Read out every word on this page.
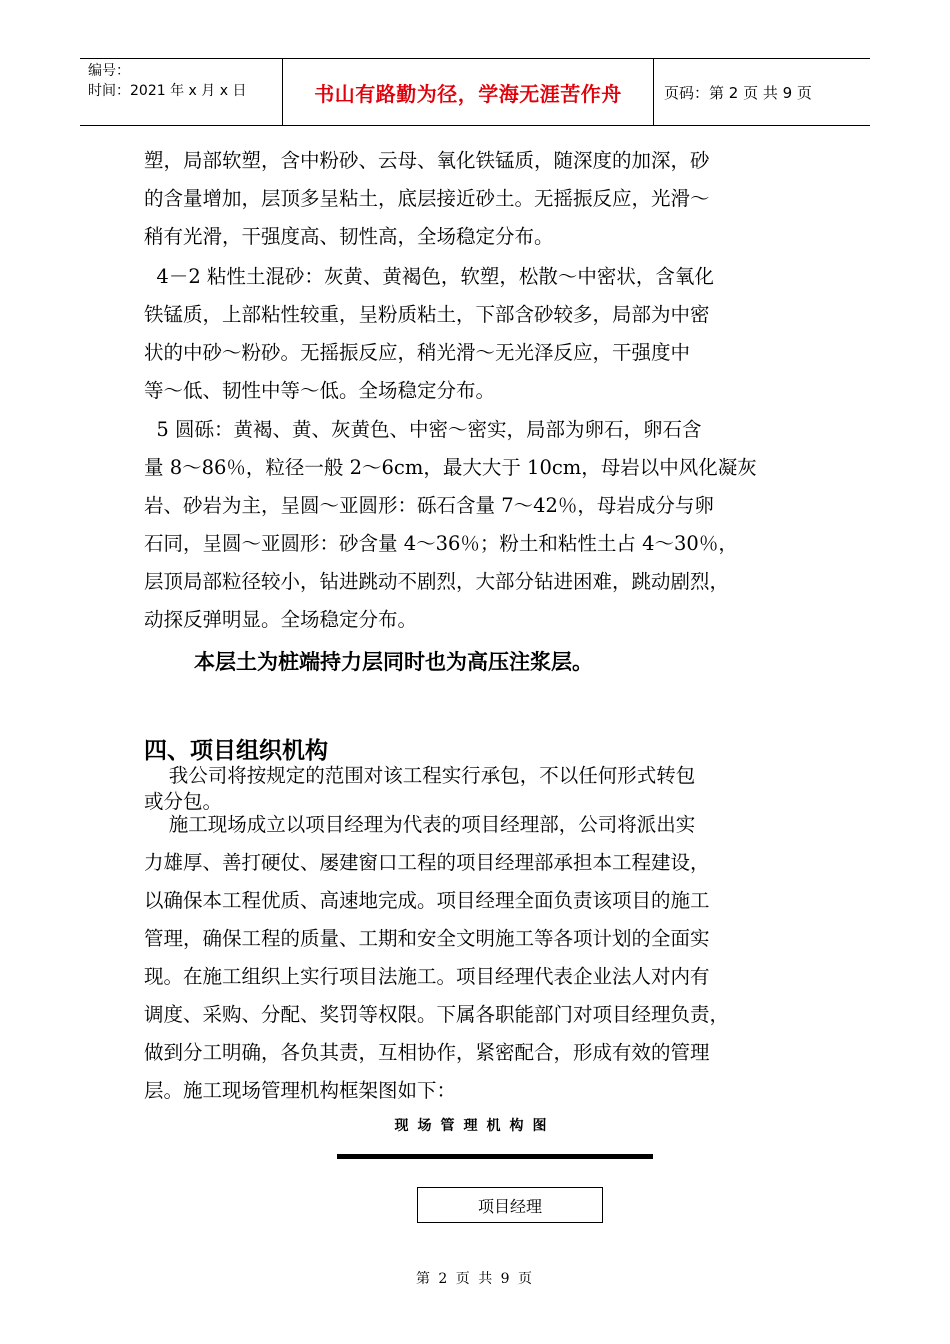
编号：
时间：2021 年 x 月 x 日	书山有路勤为径，学海无涯苦作舟	页码：第 2 页 共 9 页
塑，局部软塑，含中粉砂、云母、氧化铁锰质，随深度的加深，砂
的含量增加，层顶多呈粘土，底层接近砂土。无摇振反应，光滑～
稍有光滑，干强度高、韧性高，全场稳定分布。
4－2 粘性土混砂：灰黄、黄褐色，软塑，松散～中密状，含氧化
铁锰质，上部粘性较重，呈粉质粘土，下部含砂较多，局部为中密
状的中砂～粉砂。无摇振反应，稍光滑～无光泽反应，干强度中
等～低、韧性中等～低。全场稳定分布。
5 圆砾：黄褐、黄、灰黄色、中密～密实，局部为卵石，卵石含
量 8～86％，粒径一般 2～6cm，最大大于 10cm，母岩以中风化凝灰
岩、砂岩为主，呈圆～亚圆形：砾石含量 7～42％，母岩成分与卵
石同，呈圆～亚圆形：砂含量 4～36％；粉土和粘性土占 4～30％，
层顶局部粒径较小，钻进跳动不剧烈，大部分钻进困难，跳动剧烈，
动探反弹明显。全场稳定分布。
本层土为桩端持力层同时也为高压注浆层。
四、项目组织机构
我公司将按规定的范围对该工程实行承包，不以任何形式转包
或分包。
施工现场成立以项目经理为代表的项目经理部，公司将派出实
力雄厚、善打硬仗、屡建窗口工程的项目经理部承担本工程建设，
以确保本工程优质、高速地完成。项目经理全面负责该项目的施工
管理，确保工程的质量、工期和安全文明施工等各项计划的全面实
现。在施工组织上实行项目法施工。项目经理代表企业法人对内有
调度、采购、分配、奖罚等权限。下属各职能部门对项目经理负责，
做到分工明确，各负其责，互相协作，紧密配合，形成有效的管理
层。施工现场管理机构框架图如下：
现场管理机构图
项目经理
第 2 页 共 9 页
